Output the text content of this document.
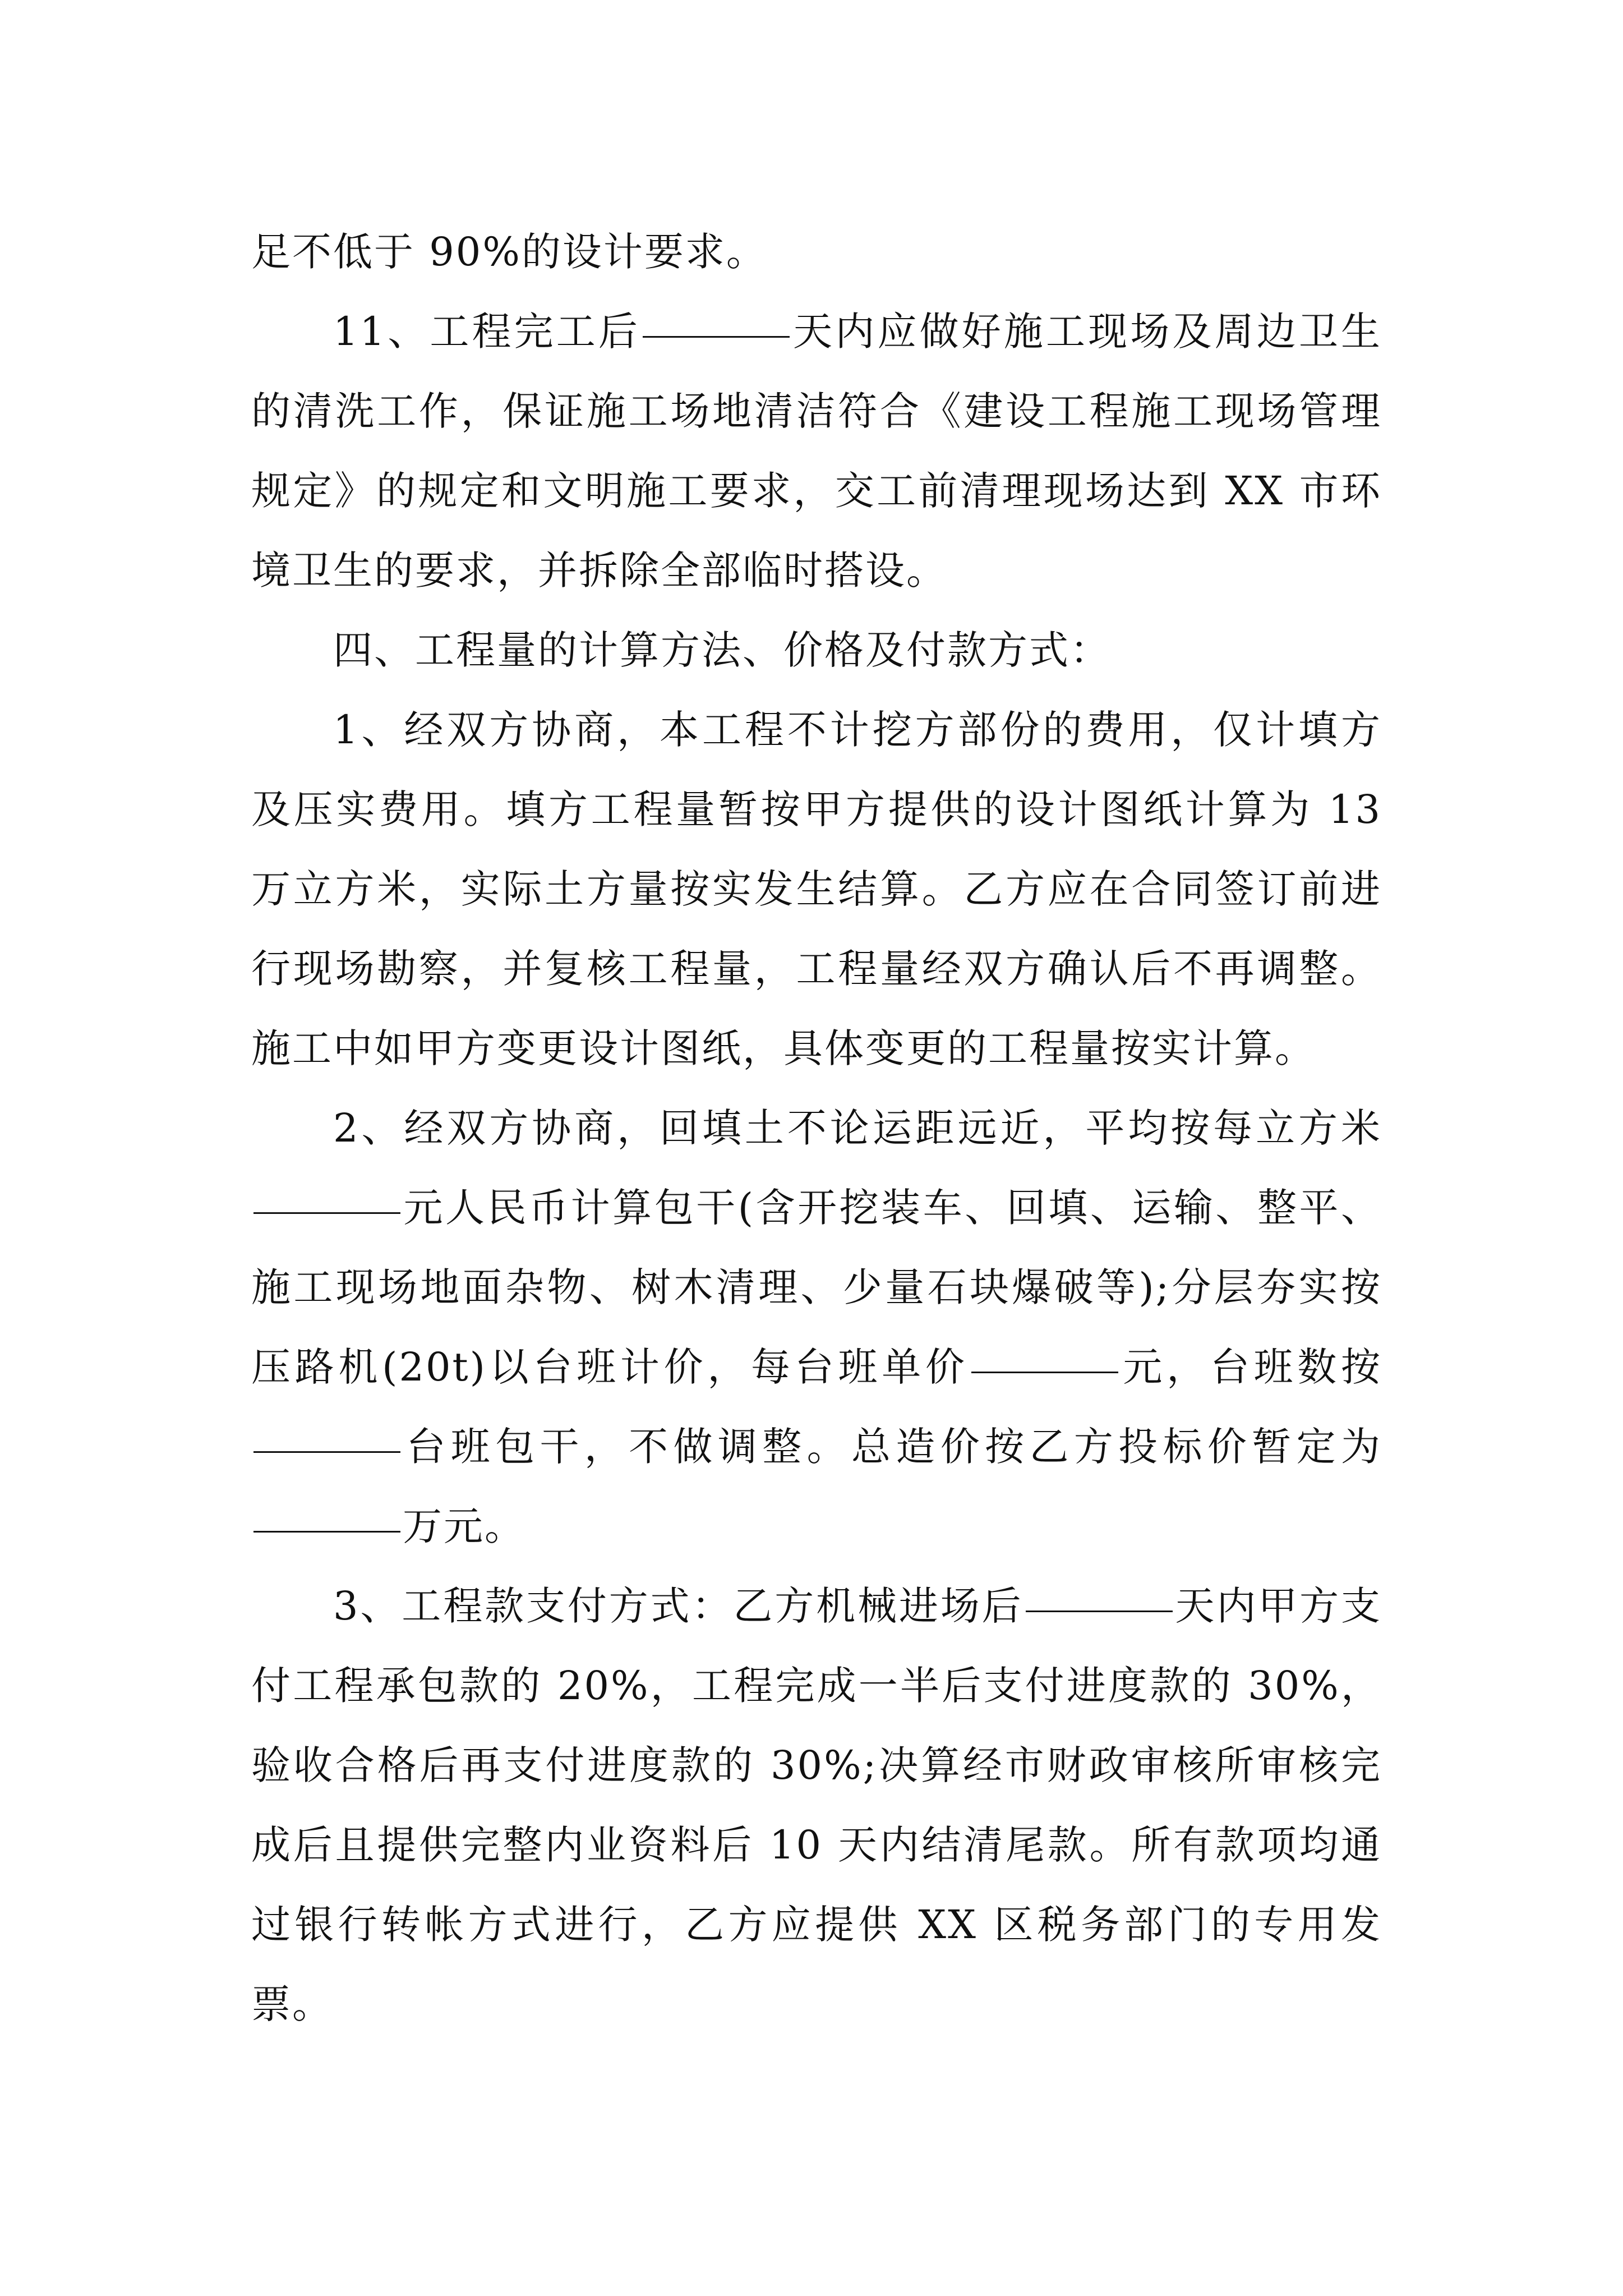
足不低于 90%的设计要求。

11、工程完工后	天内应做好施工现场及周边卫生的清洗工作，保证施工场地清洁符合《建设工程施工现场管理规定》的规定和文明施工要求，交工前清理现场达到 XX 市环境卫生的要求，并拆除全部临时搭设。

四、工程量的计算方法、价格及付款方式：

1、经双方协商，本工程不计挖方部份的费用，仅计填方及压实费用。填方工程量暂按甲方提供的设计图纸计算为 13 万立方米，实际土方量按实发生结算。乙方应在合同签订前进行现场勘察，并复核工程量，工程量经双方确认后不再调整。施工中如甲方变更设计图纸，具体变更的工程量按实计算。

2、经双方协商，回填土不论运距远近，平均按每立方米元人民币计算包干(含开挖装车、回填、运输、整平、施工现场地面杂物、树木清理、少量石块爆破等);分层夯实按压路机(20t)以台班计价，每台班单价	元，台班数按台班包干，不做调整。总造价按乙方投标价暂定为万元。

3、工程款支付方式：乙方机械进场后	天内甲方支付工程承包款的 20%，工程完成一半后支付进度款的 30%，验收合格后再支付进度款的 30%;决算经市财政审核所审核完成后且提供完整内业资料后 10 天内结清尾款。所有款项均通过银行转帐方式进行，乙方应提供 XX 区税务部门的专用发票。
